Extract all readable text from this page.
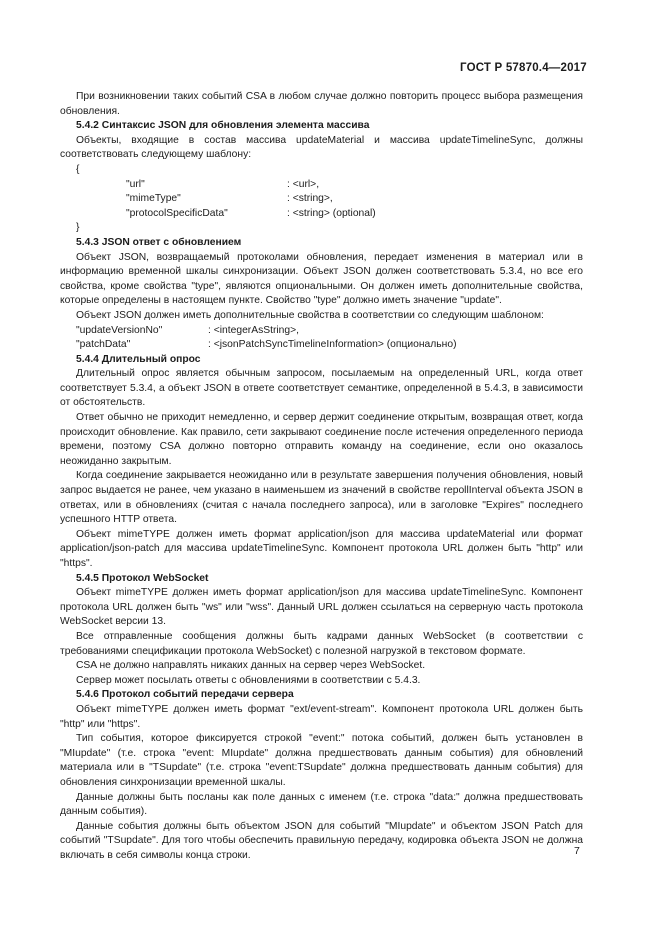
ГОСТ Р 57870.4—2017

При возникновении таких событий CSA в любом случае должно повторить процесс выбора размещения обновления.

5.4.2 Синтаксис JSON для обновления элемента массива

Объекты, входящие в состав массива updateMaterial и массива updateTimelineSync, должны соответствовать следующему шаблону:

{

"url"	: <url>,

"mimeType"	: <string>,

"protocolSpecificData"	: <string> (optional)

}

5.4.3 JSON ответ с обновлением

Объект JSON, возвращаемый протоколами обновления, передает изменения в материал или в информацию временной шкалы синхронизации. Объект JSON должен соответствовать 5.3.4, но все его свойства, кроме свойства "type", являются опциональными. Он должен иметь дополнительные свойства, которые определены в настоящем пункте. Свойство "type" должно иметь значение "update".

Объект JSON должен иметь дополнительные свойства в соответствии со следующим шаблоном:

"updateVersionNo"	: <integerAsString>,

"patchData"	: <jsonPatchSyncTimelineInformation> (опционально)

5.4.4 Длительный опрос

Длительный опрос является обычным запросом, посылаемым на определенный URL, когда ответ соответствует 5.3.4, а объект JSON в ответе соответствует семантике, определенной в 5.4.3, в зависимости от обстоятельств.

Ответ обычно не приходит немедленно, и сервер держит соединение открытым, возвращая ответ, когда происходит обновление. Как правило, сети закрывают соединение после истечения определенного периода времени, поэтому CSA должно повторно отправить команду на соединение, если оно оказалось неожиданно закрытым.

Когда соединение закрывается неожиданно или в результате завершения получения обновления, новый запрос выдается не ранее, чем указано в наименьшем из значений в свойстве repollInterval объекта JSON в ответах, или в обновлениях (считая с начала последнего запроса), или в заголовке "Expires" последнего успешного HTTP ответа.

Объект mimeTYPE должен иметь формат application/json для массива updateMaterial или формат application/json-patch для массива updateTimelineSync. Компонент протокола URL должен быть "http" или "https".

5.4.5 Протокол WebSocket

Объект mimeTYPE должен иметь формат application/json для массива updateTimelineSync. Компонент протокола URL должен быть "ws" или "wss". Данный URL должен ссылаться на серверную часть протокола WebSocket версии 13.

Все отправленные сообщения должны быть кадрами данных WebSocket (в соответствии с требованиями спецификации протокола WebSocket) с полезной нагрузкой в текстовом формате.

CSA не должно направлять никаких данных на сервер через WebSocket.

Сервер может посылать ответы с обновлениями в соответствии с 5.4.3.

5.4.6 Протокол событий передачи сервера

Объект mimeTYPE должен иметь формат "ext/event-stream". Компонент протокола URL должен быть "http" или "https".

Тип события, которое фиксируется строкой "event:" потока событий, должен быть установлен в "MIupdate" (т.е. строка "event: MIupdate" должна предшествовать данным события) для обновлений материала или в "TSupdate" (т.е. строка "event:TSupdate" должна предшествовать данным события) для обновления синхронизации временной шкалы.

Данные должны быть посланы как поле данных с именем (т.е. строка "data:" должна предшествовать данным события).

Данные события должны быть объектом JSON для событий "MIupdate" и объектом JSON Patch для событий "TSupdate". Для того чтобы обеспечить правильную передачу, кодировка объекта JSON не должна включать в себя символы конца строки.	7
